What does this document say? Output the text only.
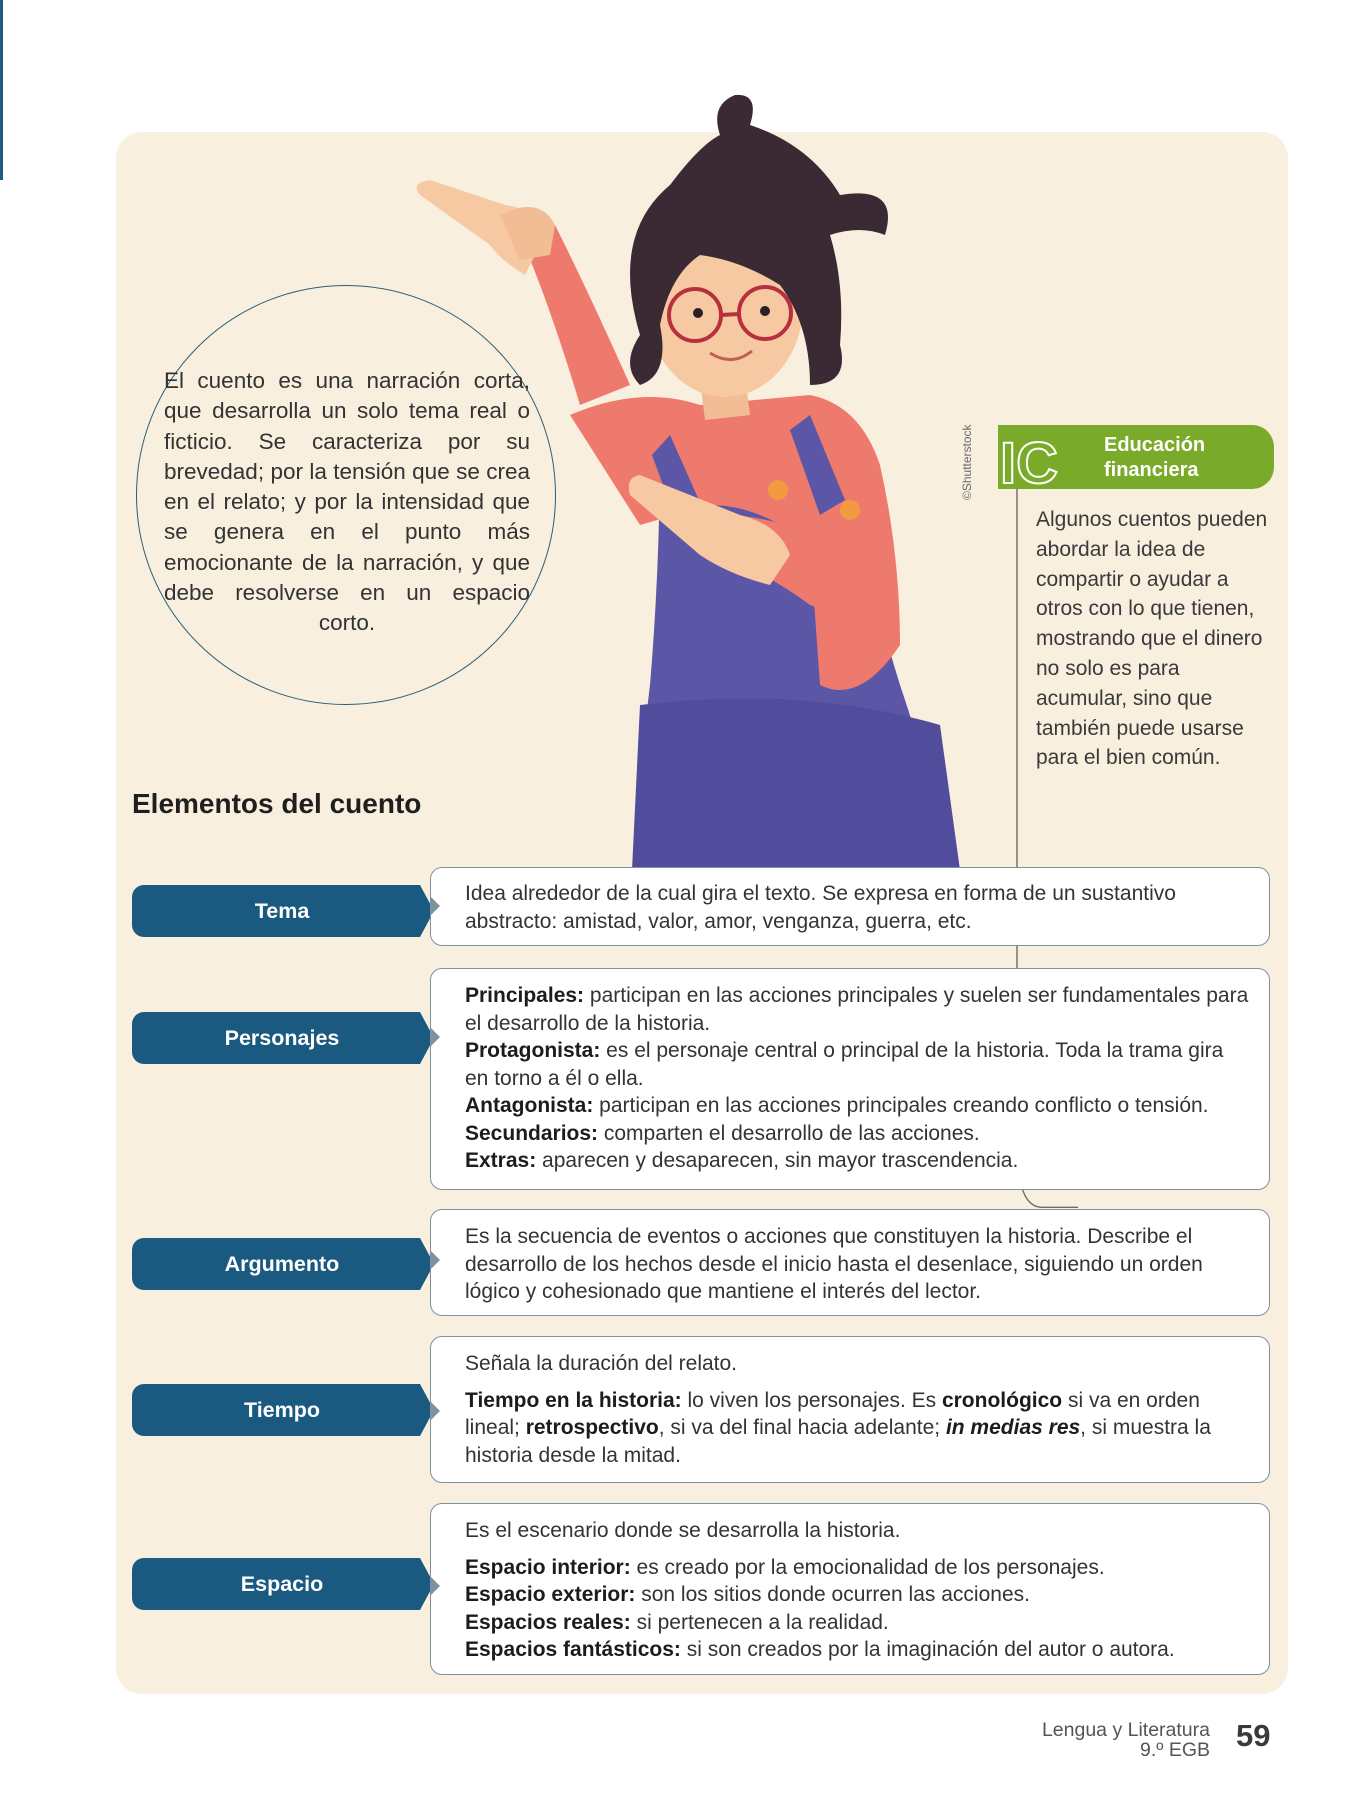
El cuento es una narración corta, que desarrolla un solo tema real o ficticio. Se caracteriza por su brevedad; por la tensión que se crea en el relato; y por la intensidad que se genera en el punto más emocionante de la narración, y que debe resolverse en un espacio corto.
©Shutterstock IC Educación
financiera
Algunos cuentos pueden abordar la idea de compartir o ayudar a otros con lo que tienen, mostrando que el dinero no solo es para acumular, sino que también puede usarse para el bien común.
Elementos del cuento
Tema

Idea alrededor de la cual gira el texto. Se expresa en forma de un sustantivo abstracto: amistad, valor, amor, venganza, guerra, etc.

Personajes

Principales: participan en las acciones principales y suelen ser fundamentales para el desarrollo de la historia.

Protagonista: es el personaje central o principal de la historia. Toda la trama gira en torno a él o ella.

Antagonista: participan en las acciones principales creando conflicto o tensión.

Secundarios: comparten el desarrollo de las acciones.

Extras: aparecen y desaparecen, sin mayor trascendencia.

Argumento

Es la secuencia de eventos o acciones que constituyen la historia. Describe el desarrollo de los hechos desde el inicio hasta el desenlace, siguiendo un orden lógico y cohesionado que mantiene el interés del lector.

Tiempo

Señala la duración del relato.

Tiempo en la historia: lo viven los personajes. Es cronológico si va en orden lineal; retrospectivo, si va del final hacia adelante; in medias res, si muestra la historia desde la mitad.

Espacio

Es el escenario donde se desarrolla la historia.

Espacio interior: es creado por la emocionalidad de los personajes.

Espacio exterior: son los sitios donde ocurren las acciones.

Espacios reales: si pertenecen a la realidad.

Espacios fantásticos: si son creados por la imaginación del autor o autora.

Lengua y Literatura
9.º EGB 59
